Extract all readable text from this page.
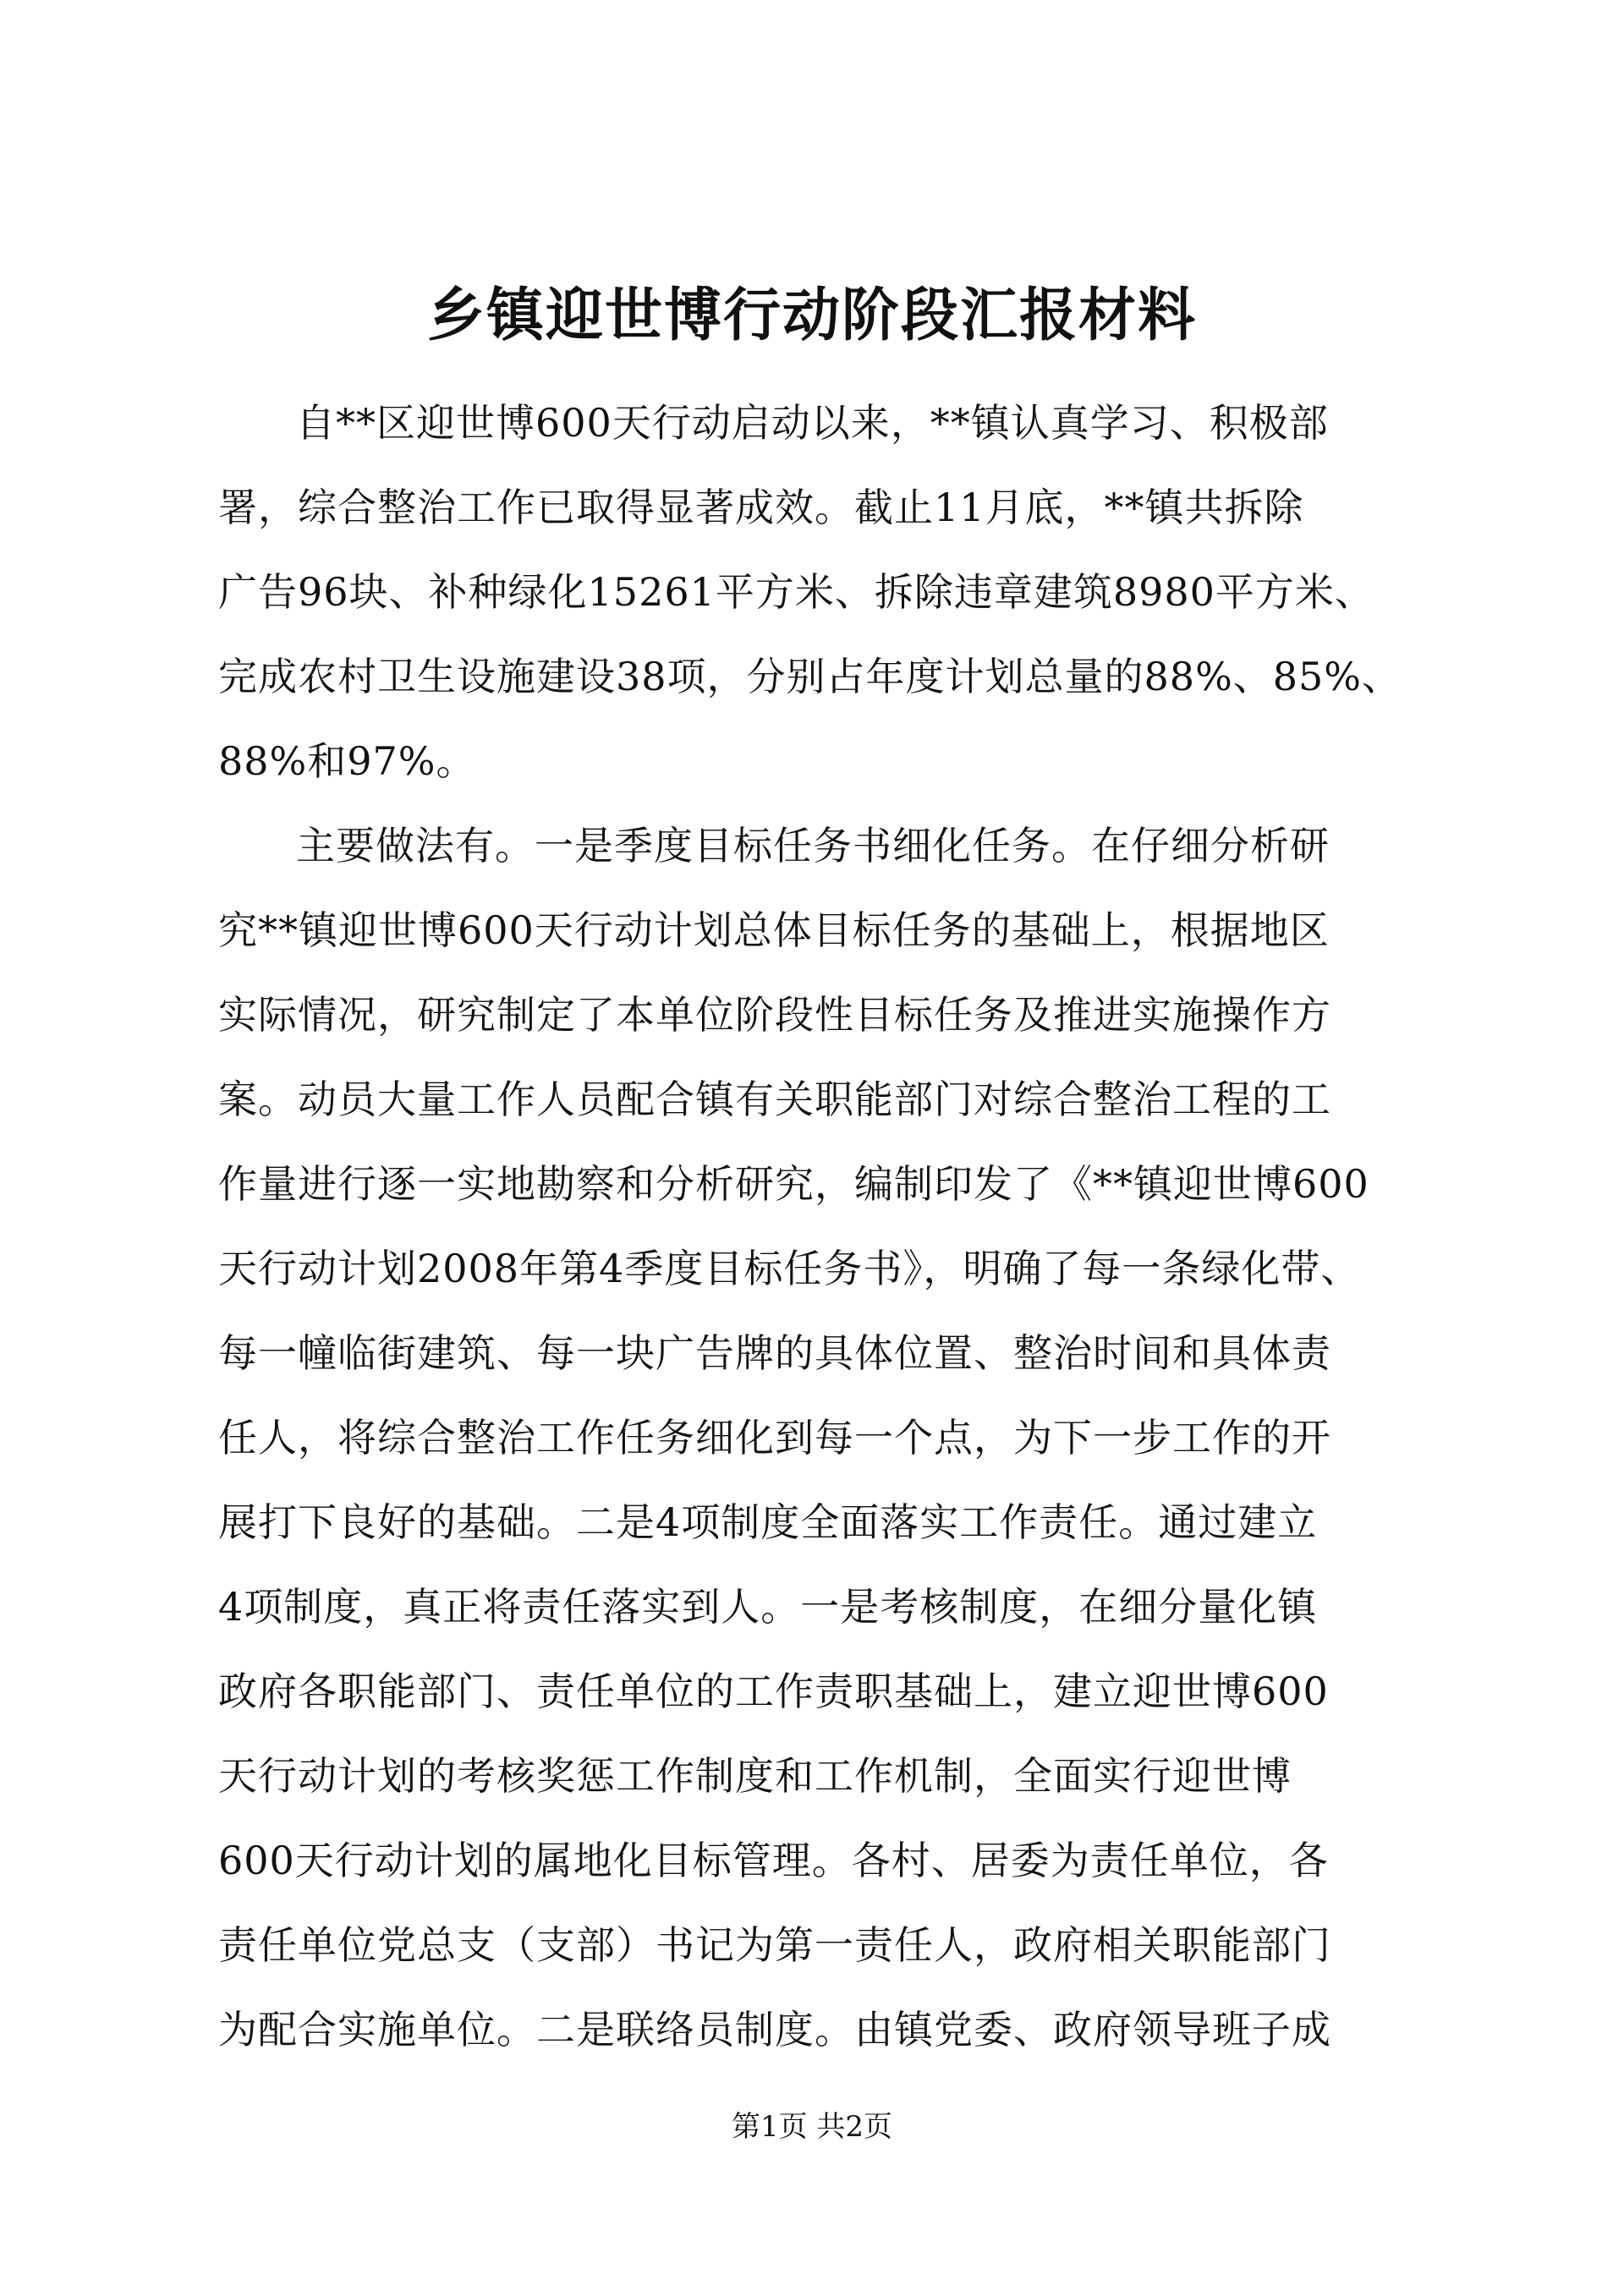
乡镇迎世博行动阶段汇报材料
自**区迎世博600天行动启动以来，**镇认真学习、积极部
署，综合整治工作已取得显著成效。截止11月底，**镇共拆除
广告96块、补种绿化15261平方米、拆除违章建筑8980平方米、
完成农村卫生设施建设38项，分别占年度计划总量的88%、85%、
88%和97%。
主要做法有。一是季度目标任务书细化任务。在仔细分析研
究**镇迎世博600天行动计划总体目标任务的基础上，根据地区
实际情况，研究制定了本单位阶段性目标任务及推进实施操作方
案。动员大量工作人员配合镇有关职能部门对综合整治工程的工
作量进行逐一实地勘察和分析研究，编制印发了《**镇迎世博600
天行动计划2008年第4季度目标任务书》，明确了每一条绿化带、
每一幢临街建筑、每一块广告牌的具体位置、整治时间和具体责
任人，将综合整治工作任务细化到每一个点，为下一步工作的开
展打下良好的基础。二是4项制度全面落实工作责任。通过建立
4项制度，真正将责任落实到人。一是考核制度，在细分量化镇
政府各职能部门、责任单位的工作责职基础上，建立迎世博600
天行动计划的考核奖惩工作制度和工作机制，全面实行迎世博
600天行动计划的属地化目标管理。各村、居委为责任单位，各
责任单位党总支（支部）书记为第一责任人，政府相关职能部门
为配合实施单位。二是联络员制度。由镇党委、政府领导班子成
第1页 共2页
